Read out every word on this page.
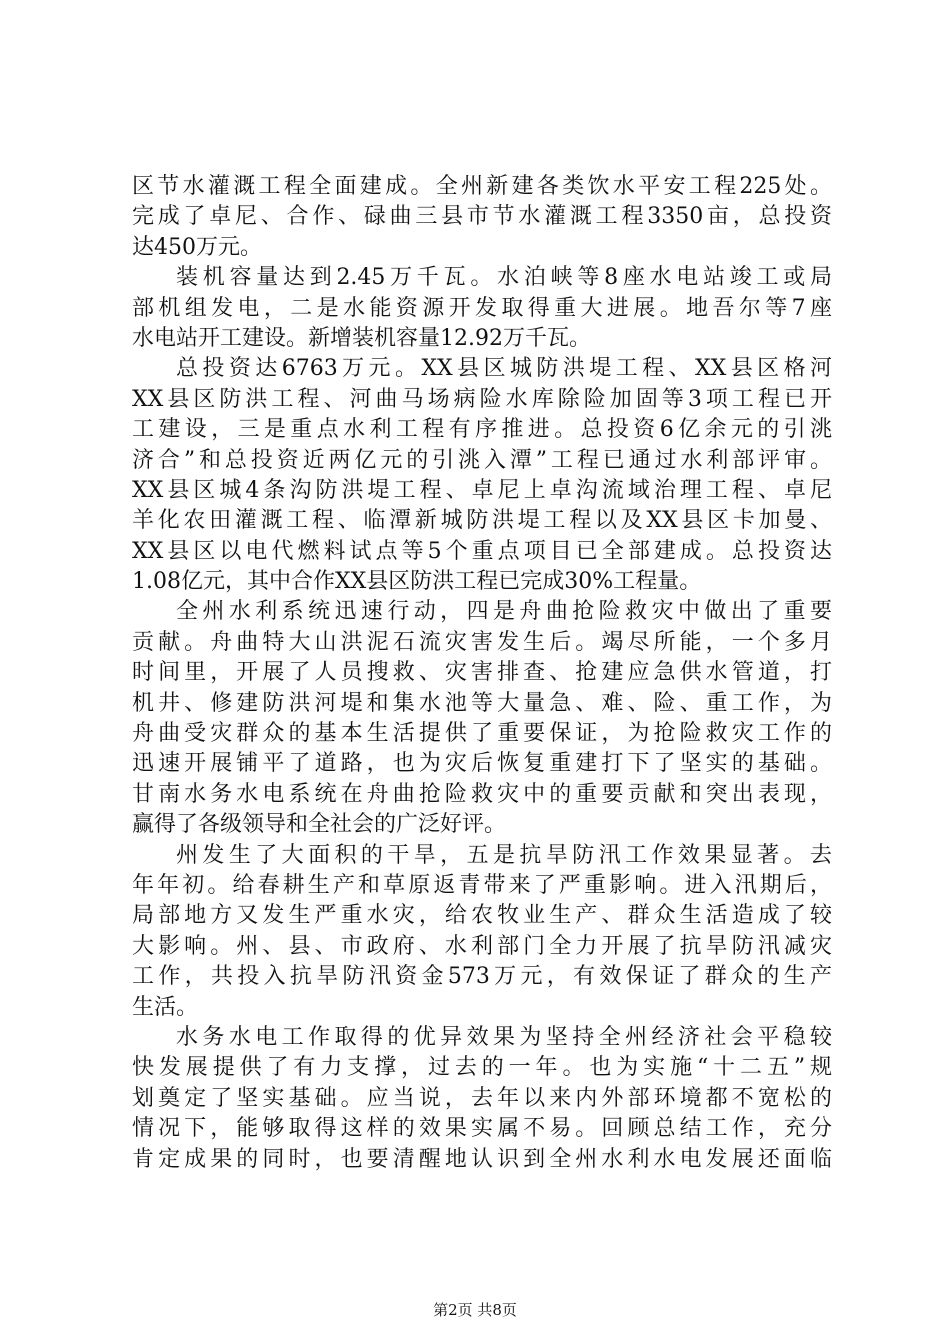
区节水灌溉工程全面建成。全州新建各类饮水平安工程225处。
完成了卓尼、合作、碌曲三县市节水灌溉工程3350亩，总投资
达450万元。
装机容量达到2.45万千瓦。水泊峡等8座水电站竣工或局
部机组发电，二是水能资源开发取得重大进展。地吾尔等7座
水电站开工建设。新增装机容量12.92万千瓦。
总投资达6763万元。XX县区城防洪堤工程、XX县区格河
XX县区防洪工程、河曲马场病险水库除险加固等3项工程已开
工建设，三是重点水利工程有序推进。总投资6亿余元的引洮
济合”和总投资近两亿元的引洮入潭”工程已通过水利部评审。
XX县区城4条沟防洪堤工程、卓尼上卓沟流域治理工程、卓尼
羊化农田灌溉工程、临潭新城防洪堤工程以及XX县区卡加曼、
XX县区以电代燃料试点等5个重点项目已全部建成。总投资达
1.08亿元，其中合作XX县区防洪工程已完成30%工程量。
全州水利系统迅速行动，四是舟曲抢险救灾中做出了重要
贡献。舟曲特大山洪泥石流灾害发生后。竭尽所能，一个多月
时间里，开展了人员搜救、灾害排查、抢建应急供水管道，打
机井、修建防洪河堤和集水池等大量急、难、险、重工作，为
舟曲受灾群众的基本生活提供了重要保证，为抢险救灾工作的
迅速开展铺平了道路，也为灾后恢复重建打下了坚实的基础。
甘南水务水电系统在舟曲抢险救灾中的重要贡献和突出表现，
赢得了各级领导和全社会的广泛好评。
州发生了大面积的干旱，五是抗旱防汛工作效果显著。去
年年初。给春耕生产和草原返青带来了严重影响。进入汛期后，
局部地方又发生严重水灾，给农牧业生产、群众生活造成了较
大影响。州、县、市政府、水利部门全力开展了抗旱防汛减灾
工作，共投入抗旱防汛资金573万元，有效保证了群众的生产
生活。
水务水电工作取得的优异效果为坚持全州经济社会平稳较
快发展提供了有力支撑，过去的一年。也为实施“十二五”规
划奠定了坚实基础。应当说，去年以来内外部环境都不宽松的
情况下，能够取得这样的效果实属不易。回顾总结工作，充分
肯定成果的同时，也要清醒地认识到全州水利水电发展还面临
第2页 共8页
